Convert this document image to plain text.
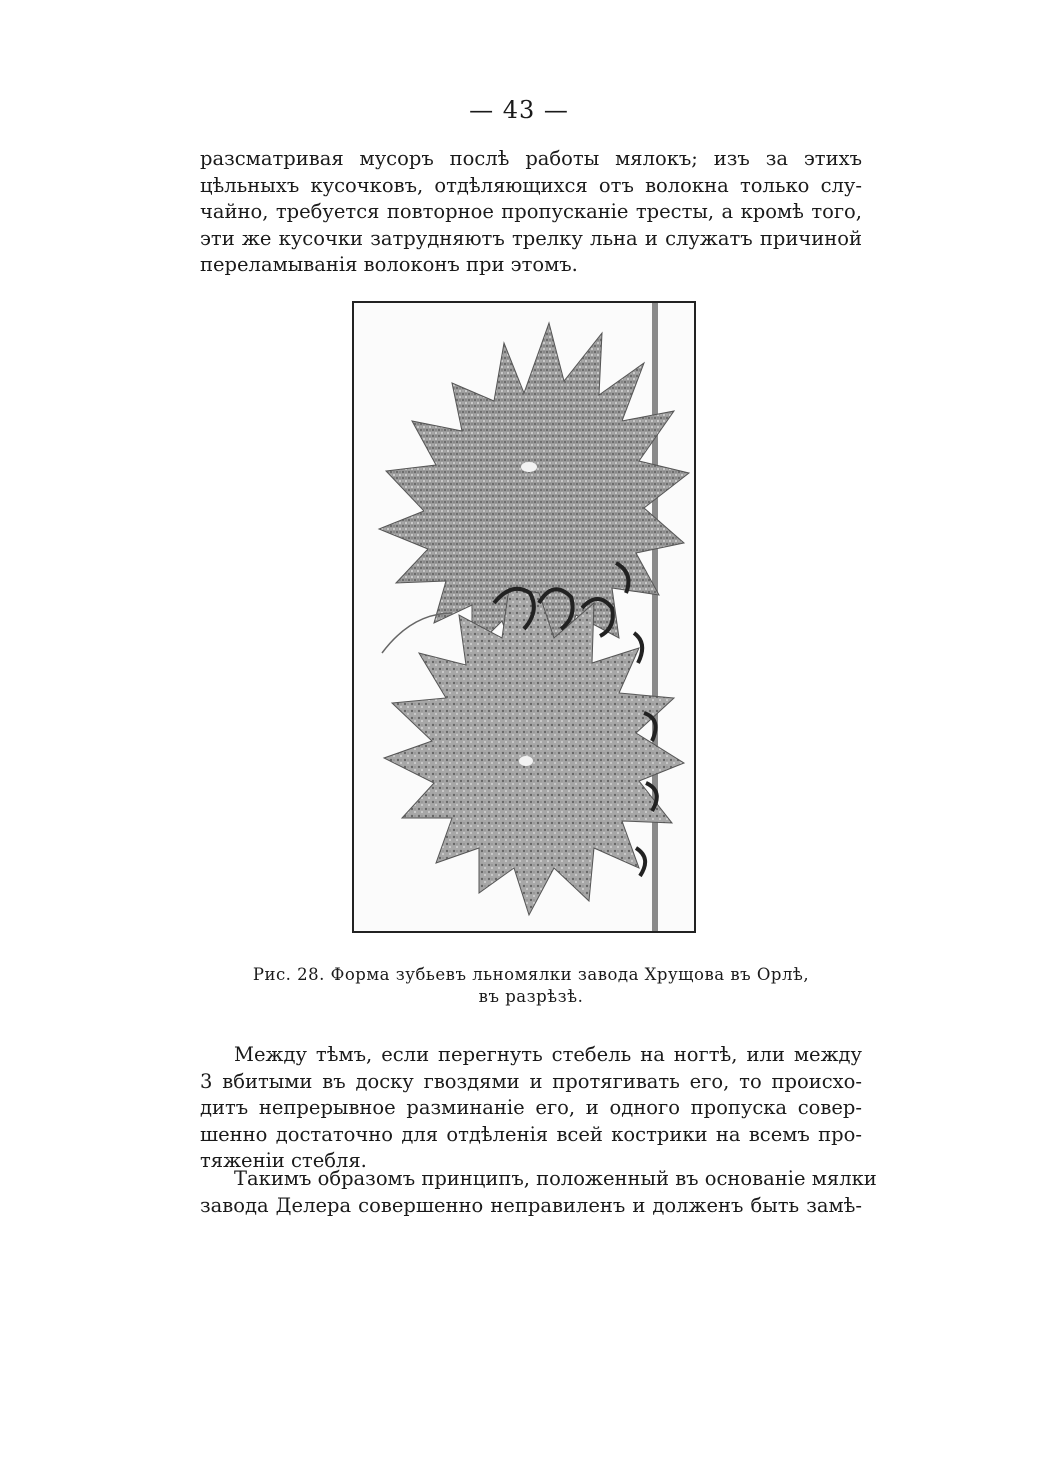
— 43 —
разсматривая мусоръ послѣ работы мялокъ; изъ за этихъ
цѣльныхъ кусочковъ, отдѣляющихся отъ волокна только слу-
чайно, требуется повторное пропусканіе тресты, а кромѣ того,
эти же кусочки затрудняютъ трелку льна и служатъ причиной
переламыванія волоконъ при этомъ.
Рис. 28. Форма зубьевъ льномялки завода Хрущова въ Орлѣ,
въ разрѣзѣ.
Между тѣмъ, если перегнуть стебель на ногтѣ, или между
3 вбитыми въ доску гвоздями и протягивать его, то происхо-
дитъ непрерывное разминаніе его, и одного пропуска совер-
шенно достаточно для отдѣленія всей кострики на всемъ про-
тяженіи стебля.
Такимъ образомъ принципъ, положенный въ основаніе мялки
завода Делера совершенно неправиленъ и долженъ быть замѣ-
